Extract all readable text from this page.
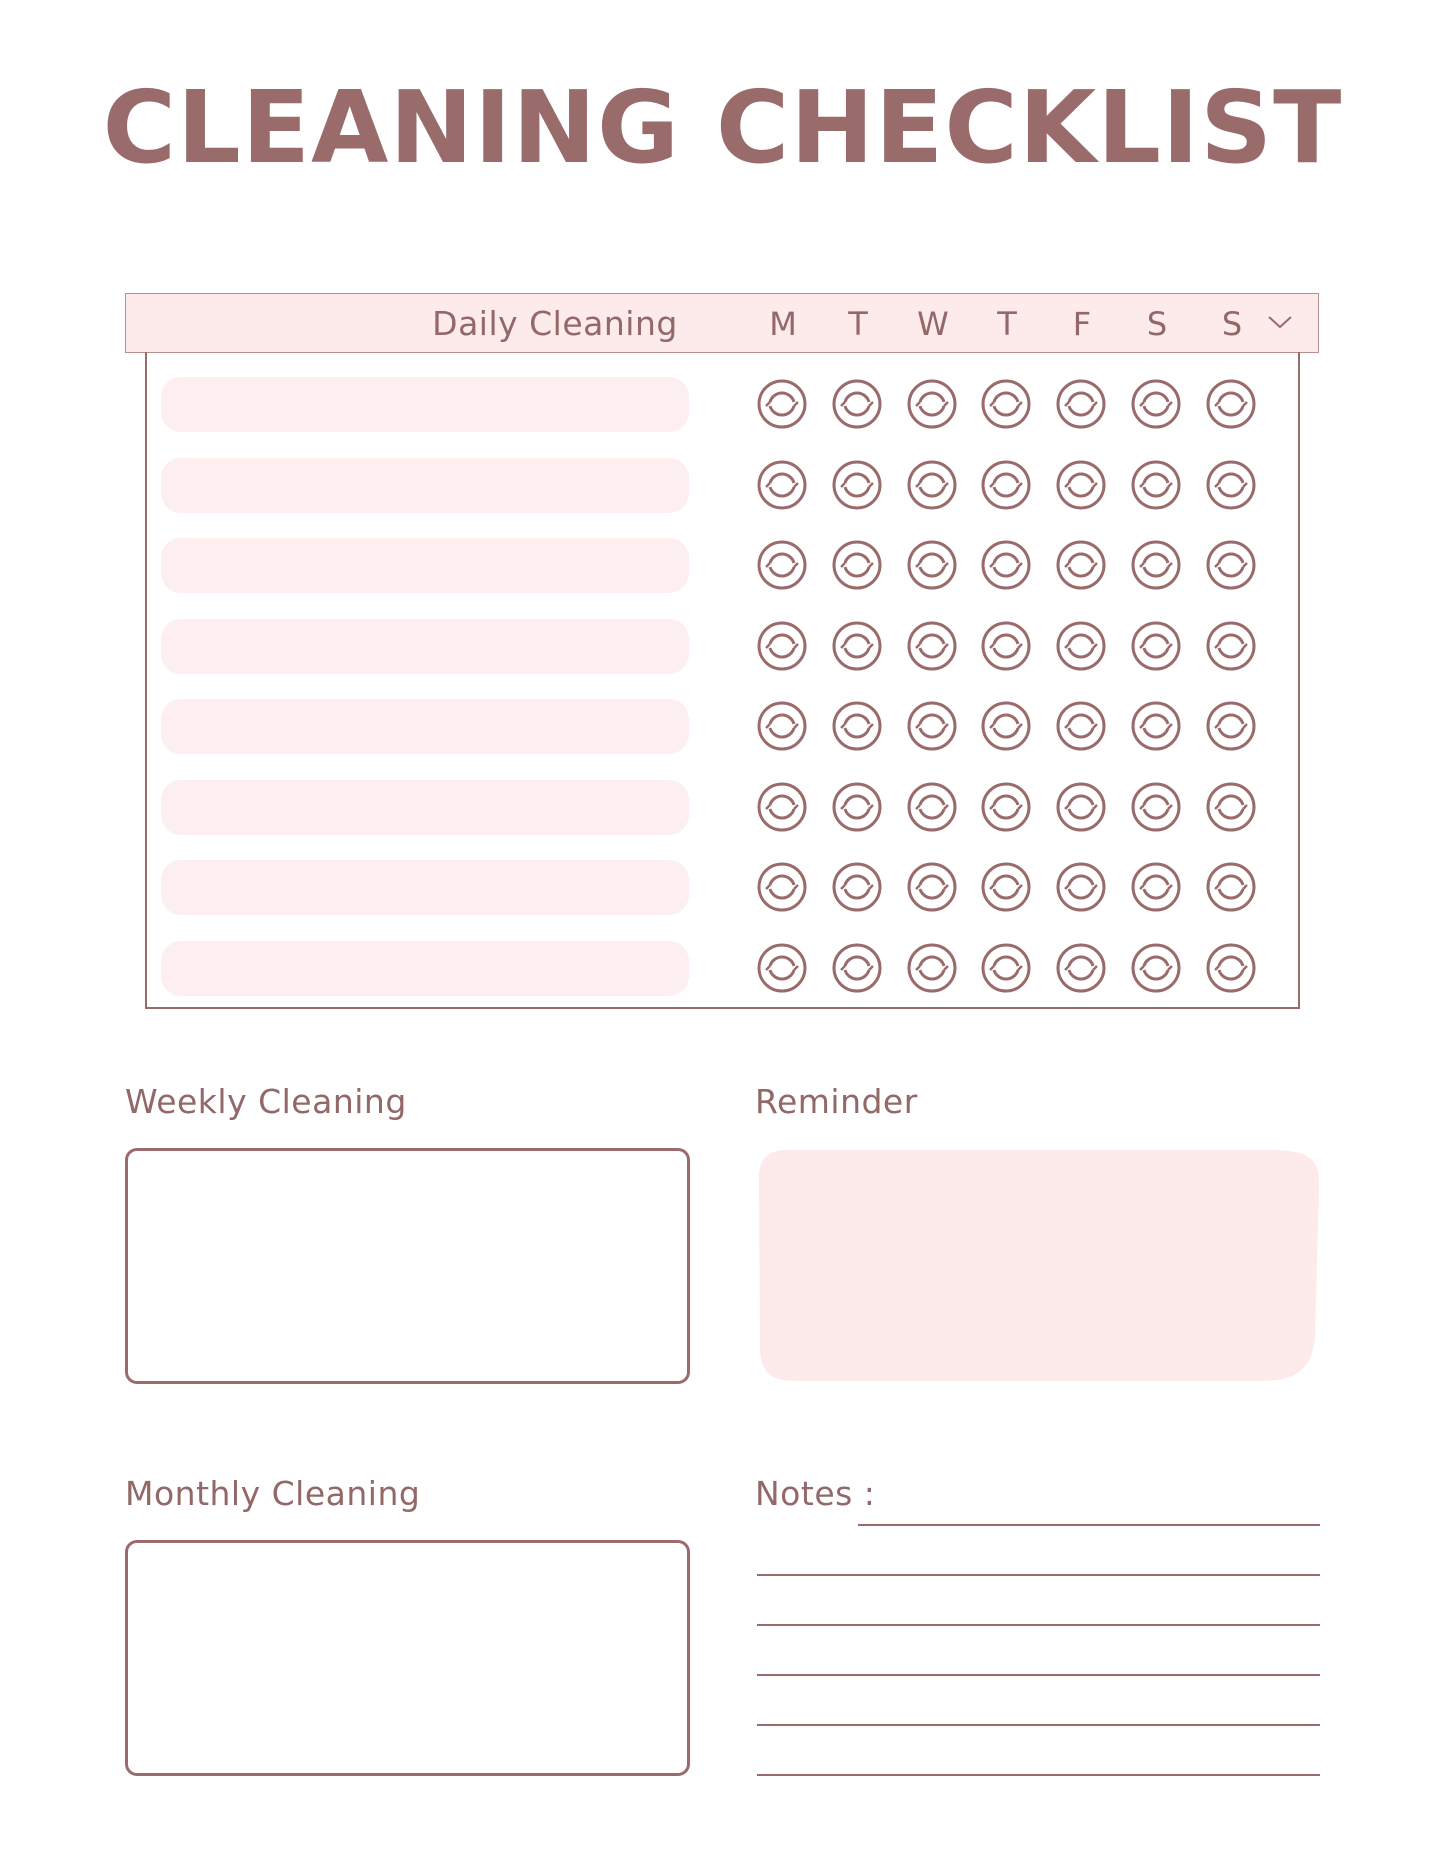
CLEANING CHECKLIST
Daily Cleaning	M	T	W	T	F	S	S
Weekly Cleaning	Reminder
Monthly Cleaning	Notes :
